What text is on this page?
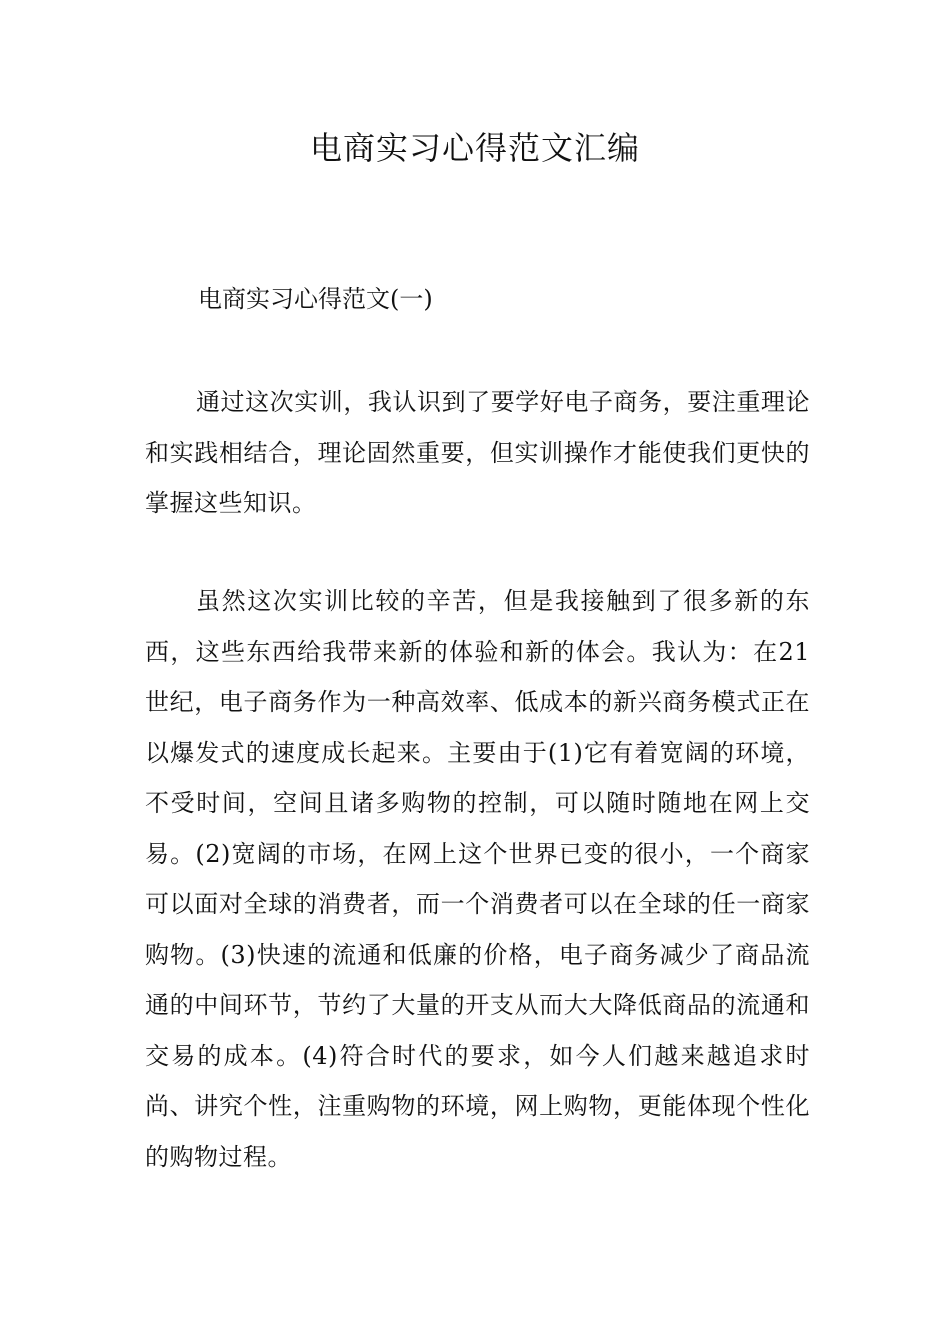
电商实习心得范文汇编
电商实习心得范文(一)

通过这次实训，我认识到了要学好电子商务，要注重理论和实践相结合，理论固然重要，但实训操作才能使我们更快的掌握这些知识。

虽然这次实训比较的辛苦，但是我接触到了很多新的东西，这些东西给我带来新的体验和新的体会。我认为：在21世纪，电子商务作为一种高效率、低成本的新兴商务模式正在以爆发式的速度成长起来。主要由于(1)它有着宽阔的环境，不受时间，空间且诸多购物的控制，可以随时随地在网上交易。(2)宽阔的市场，在网上这个世界已变的很小，一个商家可以面对全球的消费者，而一个消费者可以在全球的任一商家购物。(3)快速的流通和低廉的价格，电子商务减少了商品流通的中间环节，节约了大量的开支从而大大降低商品的流通和交易的成本。(4)符合时代的要求，如今人们越来越追求时尚、讲究个性，注重购物的环境，网上购物，更能体现个性化的购物过程。
